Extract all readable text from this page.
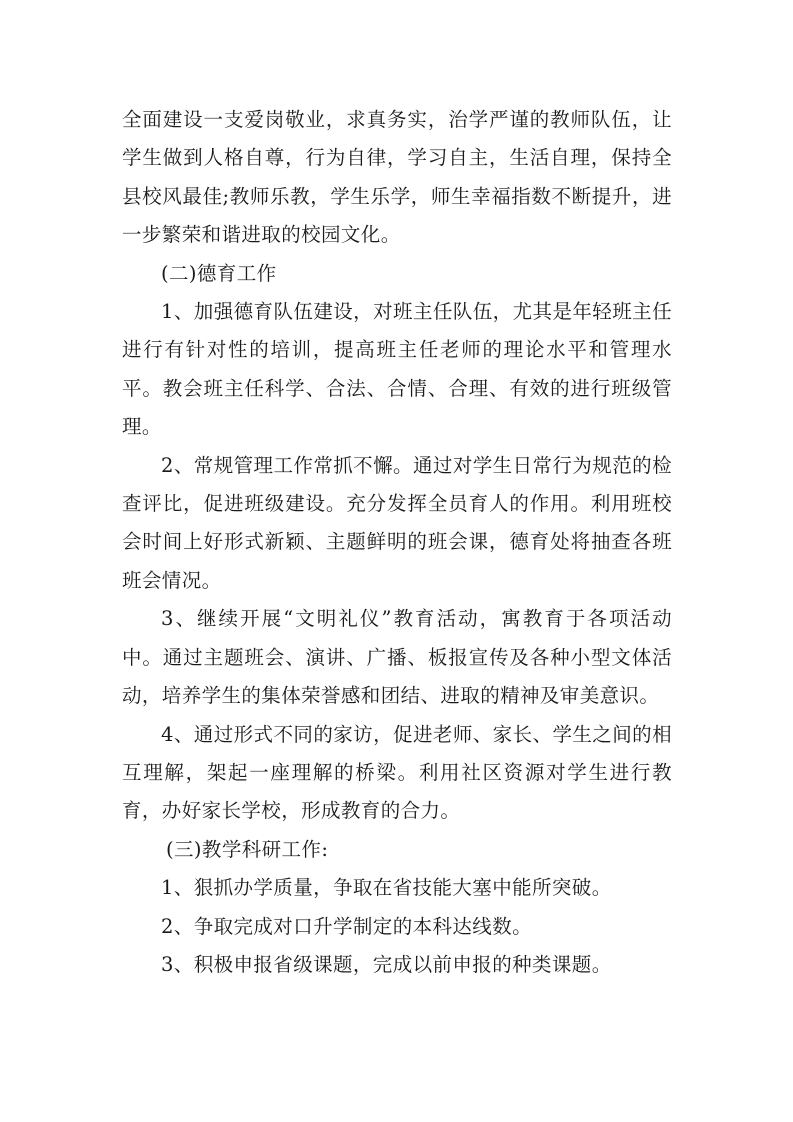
全面建设一支爱岗敬业，求真务实，治学严谨的教师队伍，让学生做到人格自尊，行为自律，学习自主，生活自理，保持全县校风最佳;教师乐教，学生乐学，师生幸福指数不断提升，进一步繁荣和谐进取的校园文化。

(二)德育工作

1、加强德育队伍建设，对班主任队伍，尤其是年轻班主任进行有针对性的培训，提高班主任老师的理论水平和管理水平。教会班主任科学、合法、合情、合理、有效的进行班级管理。

2、常规管理工作常抓不懈。通过对学生日常行为规范的检查评比，促进班级建设。充分发挥全员育人的作用。利用班校会时间上好形式新颖、主题鲜明的班会课，德育处将抽查各班班会情况。

3、继续开展“文明礼仪”教育活动，寓教育于各项活动中。通过主题班会、演讲、广播、板报宣传及各种小型文体活动，培养学生的集体荣誉感和团结、进取的精神及审美意识。

4、通过形式不同的家访，促进老师、家长、学生之间的相互理解，架起一座理解的桥梁。利用社区资源对学生进行教育，办好家长学校，形成教育的合力。

(三)教学科研工作:

1、狠抓办学质量，争取在省技能大塞中能所突破。

2、争取完成对口升学制定的本科达线数。

3、积极申报省级课题，完成以前申报的种类课题。
